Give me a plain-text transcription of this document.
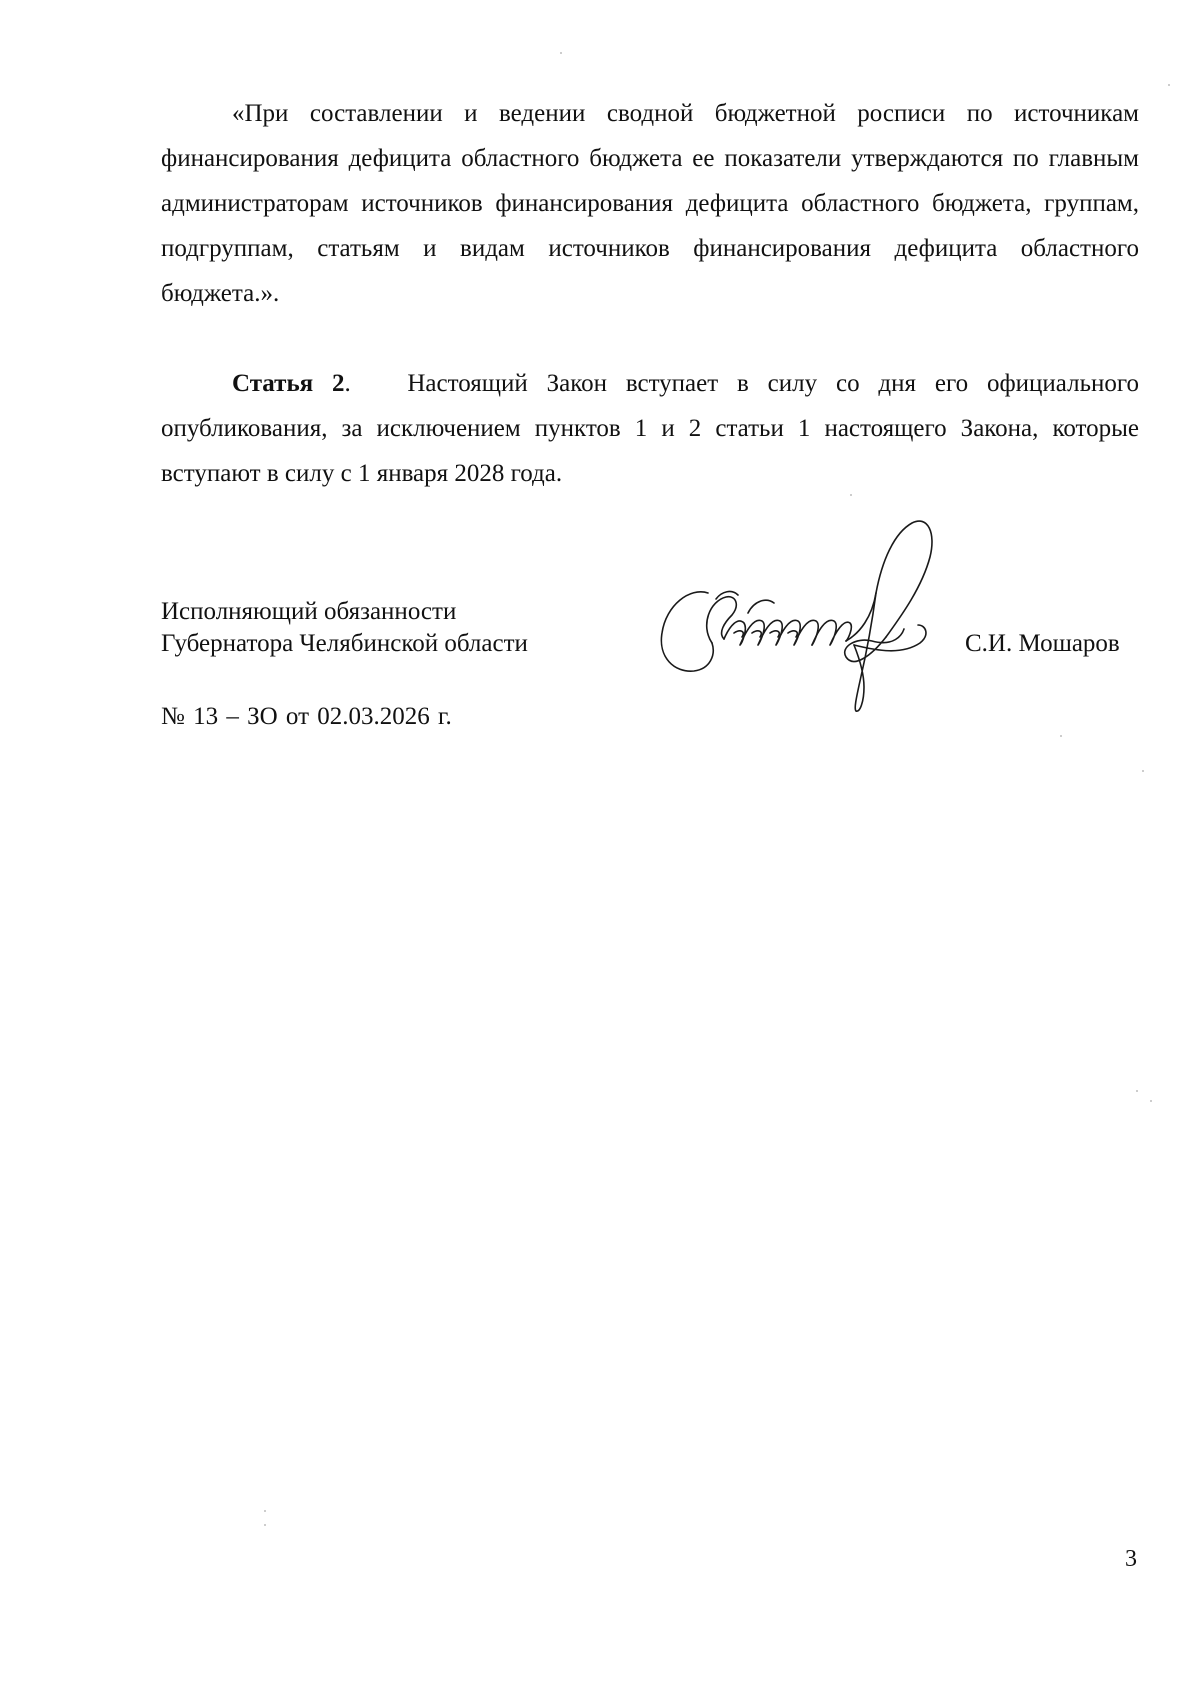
«При составлении и ведении сводной бюджетной росписи по источникам финансирования дефицита областного бюджета ее показатели утверждаются по главным администраторам источников финансирования дефицита областного бюджета, группам, подгруппам, статьям и видам источников финансирования дефицита областного бюджета.».

Статья 2. Настоящий Закон вступает в силу со дня его официального опубликования, за исключением пунктов 1 и 2 статьи 1 настоящего Закона, которые вступают в силу с 1 января 2028 года.

Исполняющий обязанности
Губернатора Челябинской области	С.И. Мошаров
№ 13 – ЗО от 02.03.2026 г.
3
